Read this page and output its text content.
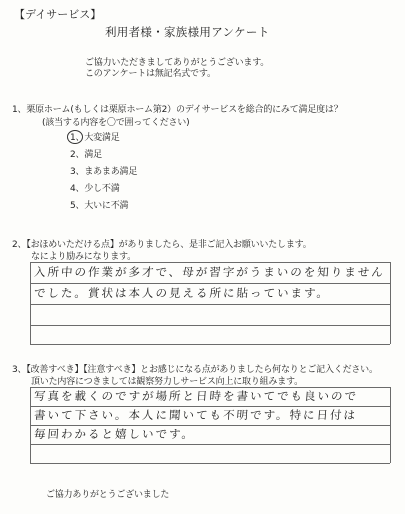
【デイサービス】
利用者様・家族様用アンケート
ご協力いただきましてありがとうございます。
このアンケートは無記名式です。
1、栗原ホーム(もしくは栗原ホーム第2）のデイサービスを総合的にみて満足度は？
(該当する内容を〇で囲ってください)
1、大変満足
2、満足
3、まあまあ満足
4、少し不満
5、大いに不満
2、【おほめいただける点】がありましたら、是非ご記入お願いいたします。
なにより励みになります。
入所中の作業が多才で、母が習字がうまいのを知りません
でした。賞状は本人の見える所に貼っています。
3、【改善すべき】【注意すべき】とお感じになる点がありましたら何なりとご記入ください。
頂いた内容につきましては観察努力しサービス向上に取り組みます。
写真を載くのですが場所と日時を書いてでも良いので
書いて下さい。本人に聞いても不明です。特に日付は
毎回わかると嬉しいです。
ご協力ありがとうございました
